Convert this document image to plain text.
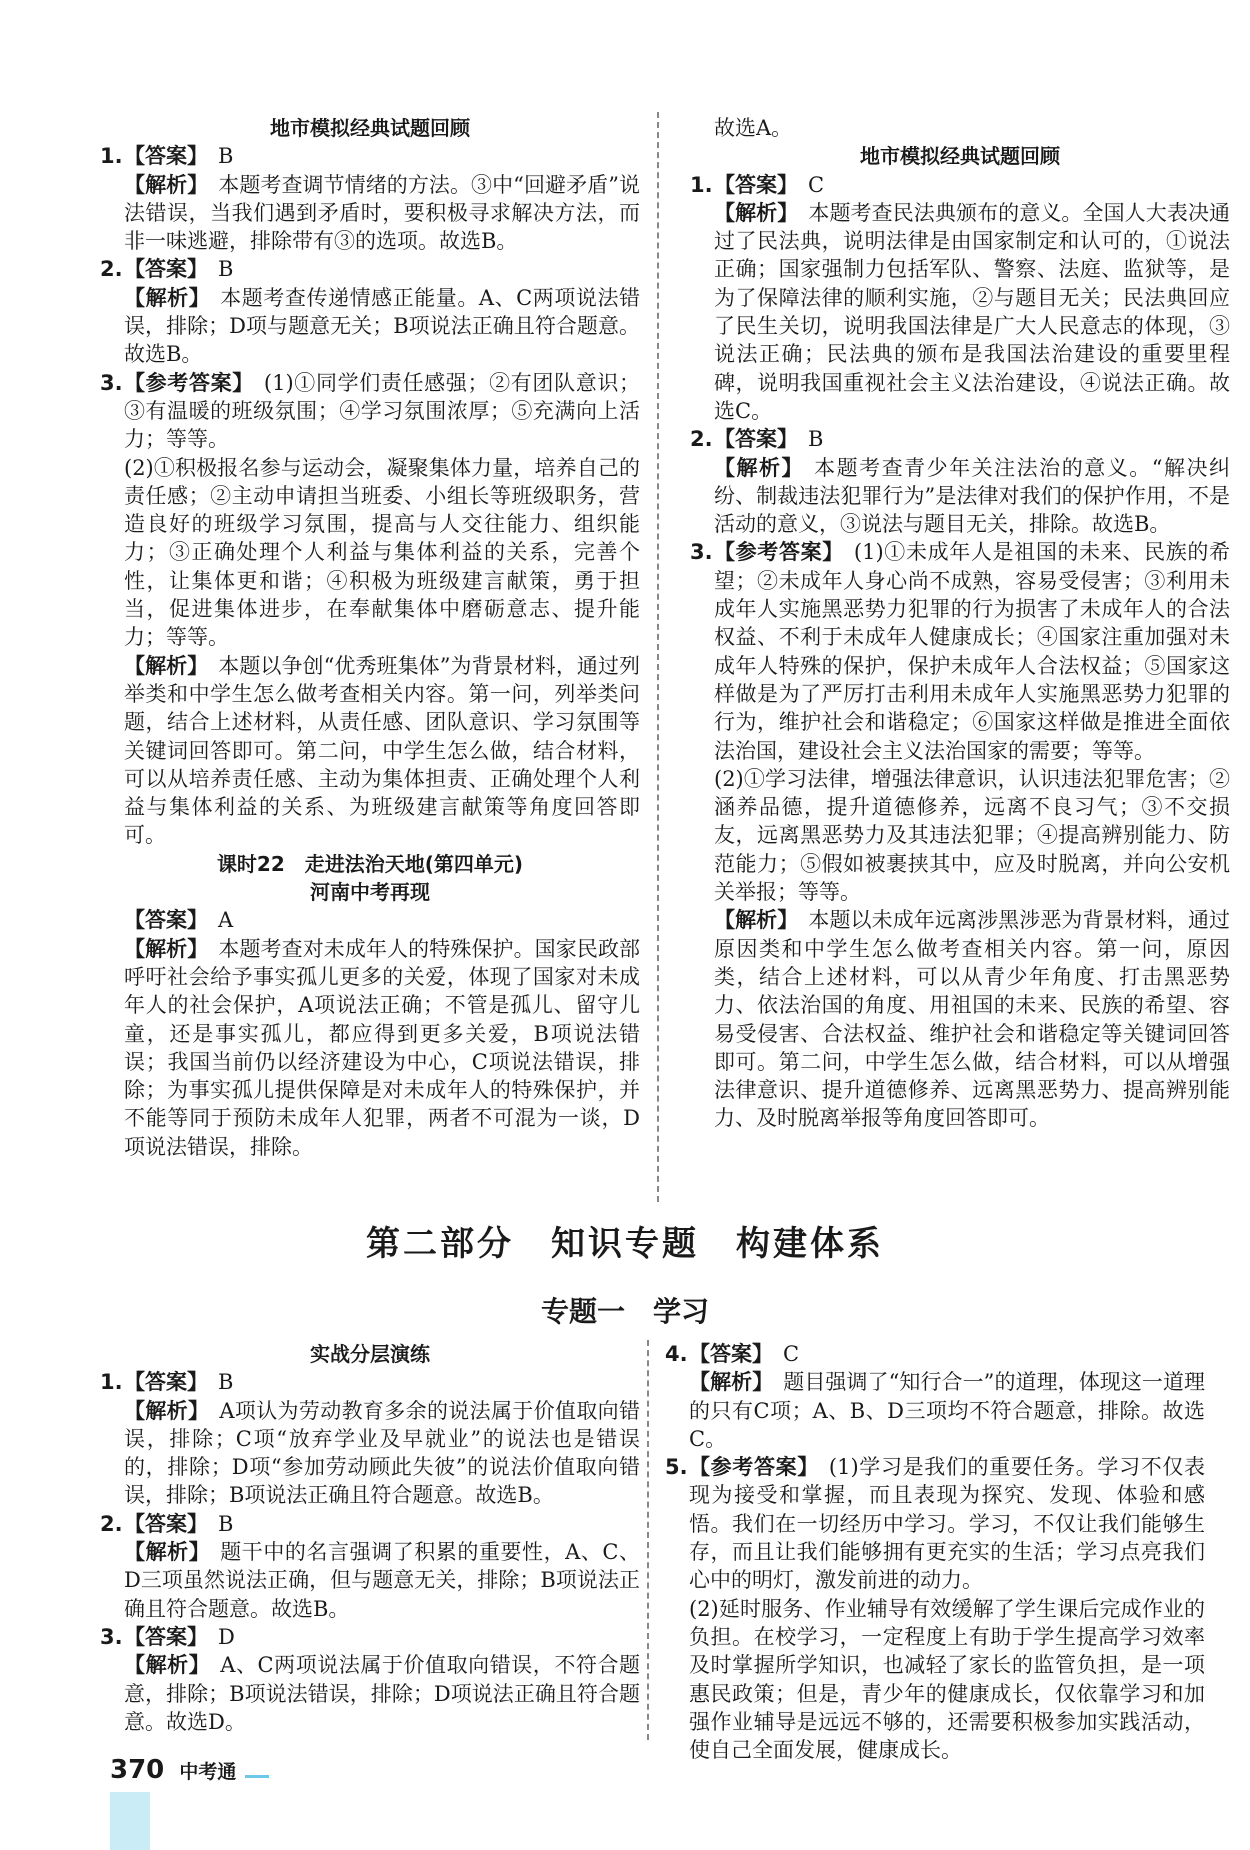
地市模拟经典试题回顾
1.	【 答案 】 B
【 解析 】 本题考查调节情绪的方法。③中“回避矛盾”说法错误，当我们遇到矛盾时，要积极寻求解决方法，而非一味逃避，排除带有③的选项。故选B。
2.	【 答案 】 B
【 解析 】 本题考查传递情感正能量。A、C两项说法错误，排除；D项与题意无关；B项说法正确且符合题意。故选B。
3.	【 参考答案 】 (1)①同学们责任感强；②有团队意识；③有温暖的班级氛围；④学习氛围浓厚；⑤充满向上活力；等等。
(2)①积极报名参与运动会，凝聚集体力量，培养自己的责任感；②主动申请担当班委、小组长等班级职务，营造良好的班级学习氛围，提高与人交往能力、组织能力；③正确处理个人利益与集体利益的关系，完善个性，让集体更和谐；④积极为班级建言献策，勇于担当，促进集体进步，在奉献集体中磨砺意志、提升能力；等等。
【 解析 】 本题以争创“优秀班集体”为背景材料，通过列举类和中学生怎么做考查相关内容。第一问，列举类问题，结合上述材料，从责任感、团队意识、学习氛围等关键词回答即可。第二问，中学生怎么做，结合材料，可以从培养责任感、主动为集体担责、正确处理个人利益与集体利益的关系、为班级建言献策等角度回答即可。
课时22　走进法治天地(第四单元)
河南中考再现
【 答案 】 A
【 解析 】 本题考查对未成年人的特殊保护。国家民政部呼吁社会给予事实孤儿更多的关爱，体现了国家对未成年人的社会保护，A项说法正确；不管是孤儿、留守儿童，还是事实孤儿，都应得到更多关爱，B项说法错误；我国当前仍以经济建设为中心，C项说法错误，排除；为事实孤儿提供保障是对未成年人的特殊保护，并不能等同于预防未成年人犯罪，两者不可混为一谈，D项说法错误，排除。
故选A。
地市模拟经典试题回顾
1.	【 答案 】 C
【 解析 】 本题考查民法典颁布的意义。全国人大表决通过了民法典，说明法律是由国家制定和认可的，①说法正确；国家强制力包括军队、警察、法庭、监狱等，是为了保障法律的顺利实施，②与题目无关；民法典回应了民生关切，说明我国法律是广大人民意志的体现，③说法正确；民法典的颁布是我国法治建设的重要里程碑，说明我国重视社会主义法治建设，④说法正确。故选C。
2.	【 答案 】 B
【 解析 】 本题考查青少年关注法治的意义。“解决纠纷、制裁违法犯罪行为”是法律对我们的保护作用，不是活动的意义，③说法与题目无关，排除。故选B。
3.	【 参考答案 】 (1)①未成年人是祖国的未来、民族的希望；②未成年人身心尚不成熟，容易受侵害；③利用未成年人实施黑恶势力犯罪的行为损害了未成年人的合法权益、不利于未成年人健康成长；④国家注重加强对未成年人特殊的保护，保护未成年人合法权益；⑤国家这样做是为了严厉打击利用未成年人实施黑恶势力犯罪的行为，维护社会和谐稳定；⑥国家这样做是推进全面依法治国，建设社会主义法治国家的需要；等等。
(2)①学习法律，增强法律意识，认识违法犯罪危害；②涵养品德，提升道德修养，远离不良习气；③不交损友，远离黑恶势力及其违法犯罪；④提高辨别能力、防范能力；⑤假如被裹挟其中，应及时脱离，并向公安机关举报；等等。
【 解析 】 本题以未成年远离涉黑涉恶为背景材料，通过原因类和中学生怎么做考查相关内容。第一问，原因类，结合上述材料，可以从青少年角度、打击黑恶势力、依法治国的角度、用祖国的未来、民族的希望、容易受侵害、合法权益、维护社会和谐稳定等关键词回答即可。第二问，中学生怎么做，结合材料，可以从增强法律意识、提升道德修养、远离黑恶势力、提高辨别能力、及时脱离举报等角度回答即可。
第二部分　知识专题　构建体系
专题一　学习
实战分层演练
1.	【 答案 】 B
【 解析 】 A项认为劳动教育多余的说法属于价值取向错误，排除；C项“放弃学业及早就业”的说法也是错误的，排除；D项“参加劳动顾此失彼”的说法价值取向错误，排除；B项说法正确且符合题意。故选B。
2.	【 答案 】 B
【 解析 】 题干中的名言强调了积累的重要性，A、C、D三项虽然说法正确，但与题意无关，排除；B项说法正确且符合题意。故选B。
3.	【 答案 】 D
【 解析 】 A、C两项说法属于价值取向错误，不符合题意，排除；B项说法错误，排除；D项说法正确且符合题意。故选D。
4.	【 答案 】 C
【 解析 】 题目强调了“知行合一”的道理，体现这一道理的只有C项；A、B、D三项均不符合题意，排除。故选C。
5.	【 参考答案 】 (1)学习是我们的重要任务。学习不仅表现为接受和掌握，而且表现为探究、发现、体验和感悟。我们在一切经历中学习。学习，不仅让我们能够生存，而且让我们能够拥有更充实的生活；学习点亮我们心中的明灯，激发前进的动力。
(2)延时服务、作业辅导有效缓解了学生课后完成作业的负担。在校学习，一定程度上有助于学生提高学习效率及时掌握所学知识，也减轻了家长的监管负担，是一项惠民政策；但是，青少年的健康成长，仅依靠学习和加强作业辅导是远远不够的，还需要积极参加实践活动，使自己全面发展，健康成长。
370 中考通
